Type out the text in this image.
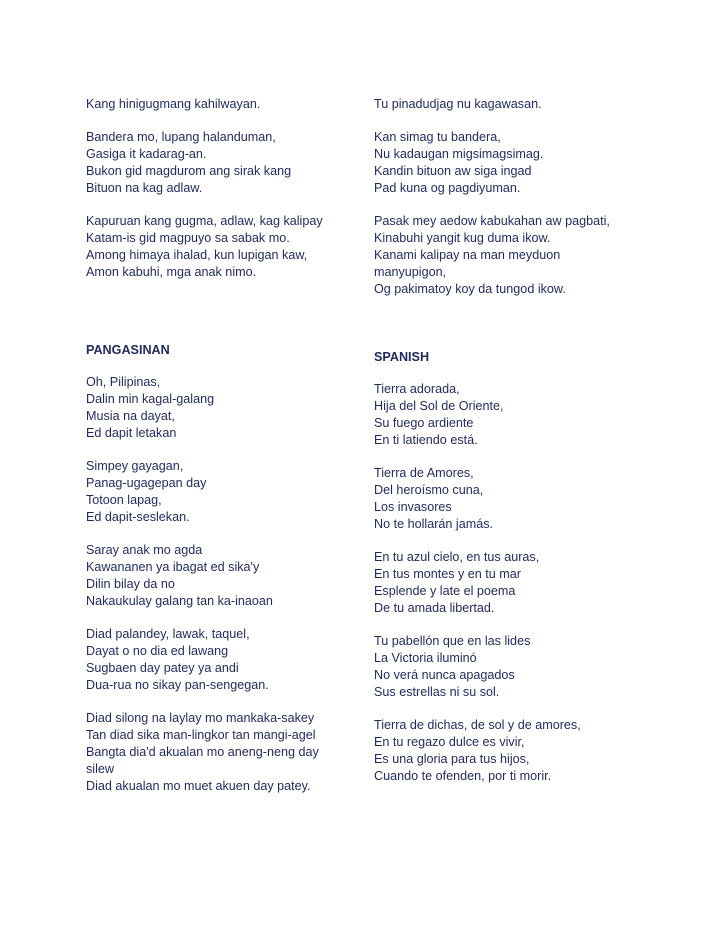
Kang hinigugmang kahilwayan.
Bandera mo, lupang halanduman,
Gasiga it kadarag-an.
Bukon gid magdurom ang sirak kang
Bituon na kag adlaw.
Kapuruan kang gugma, adlaw, kag kalipay
Katam-is gid magpuyo sa sabak mo.
Among himaya ihalad, kun lupigan kaw,
Amon kabuhi, mga anak nimo.
PANGASINAN
Oh, Pilipinas,
Dalin min kagal-galang
Musia na dayat,
Ed dapit letakan
Simpey gayagan,
Panag-ugagepan day
Totoon lapag,
Ed dapit-seslekan.
Saray anak mo agda
Kawananen ya ibagat ed sika'y
Dilin bilay da no
Nakaukulay galang tan ka-inaoan
Diad palandey, lawak, taquel,
Dayat o no dia ed lawang
Sugbaen day patey ya andi
Dua-rua no sikay pan-sengegan.
Diad silong na laylay mo mankaka-sakey
Tan diad sika man-lingkor tan mangi-agel
Bangta dia'd akualan mo aneng-neng day
silew
Diad akualan mo muet akuen day patey.
Tu pinadudjag nu kagawasan.
Kan simag tu bandera,
Nu kadaugan migsimagsimag.
Kandin bituon aw siga ingad
Pad kuna og pagdiyuman.
Pasak mey aedow kabukahan aw pagbati,
Kinabuhi yangit kug duma ikow.
Kanami kalipay na man meyduon
manyupigon,
Og pakimatoy koy da tungod ikow.
SPANISH
Tierra adorada,
Hija del Sol de Oriente,
Su fuego ardiente
En ti latiendo está.
Tierra de Amores,
Del heroísmo cuna,
Los invasores
No te hollarán jamás.
En tu azul cielo, en tus auras,
En tus montes y en tu mar
Esplende y late el poema
De tu amada libertad.
Tu pabellón que en las lides
La Victoria iluminó
No verá nunca apagados
Sus estrellas ni su sol.
Tierra de dichas, de sol y de amores,
En tu regazo dulce es vivir,
Es una gloria para tus hijos,
Cuando te ofenden, por ti morir.
